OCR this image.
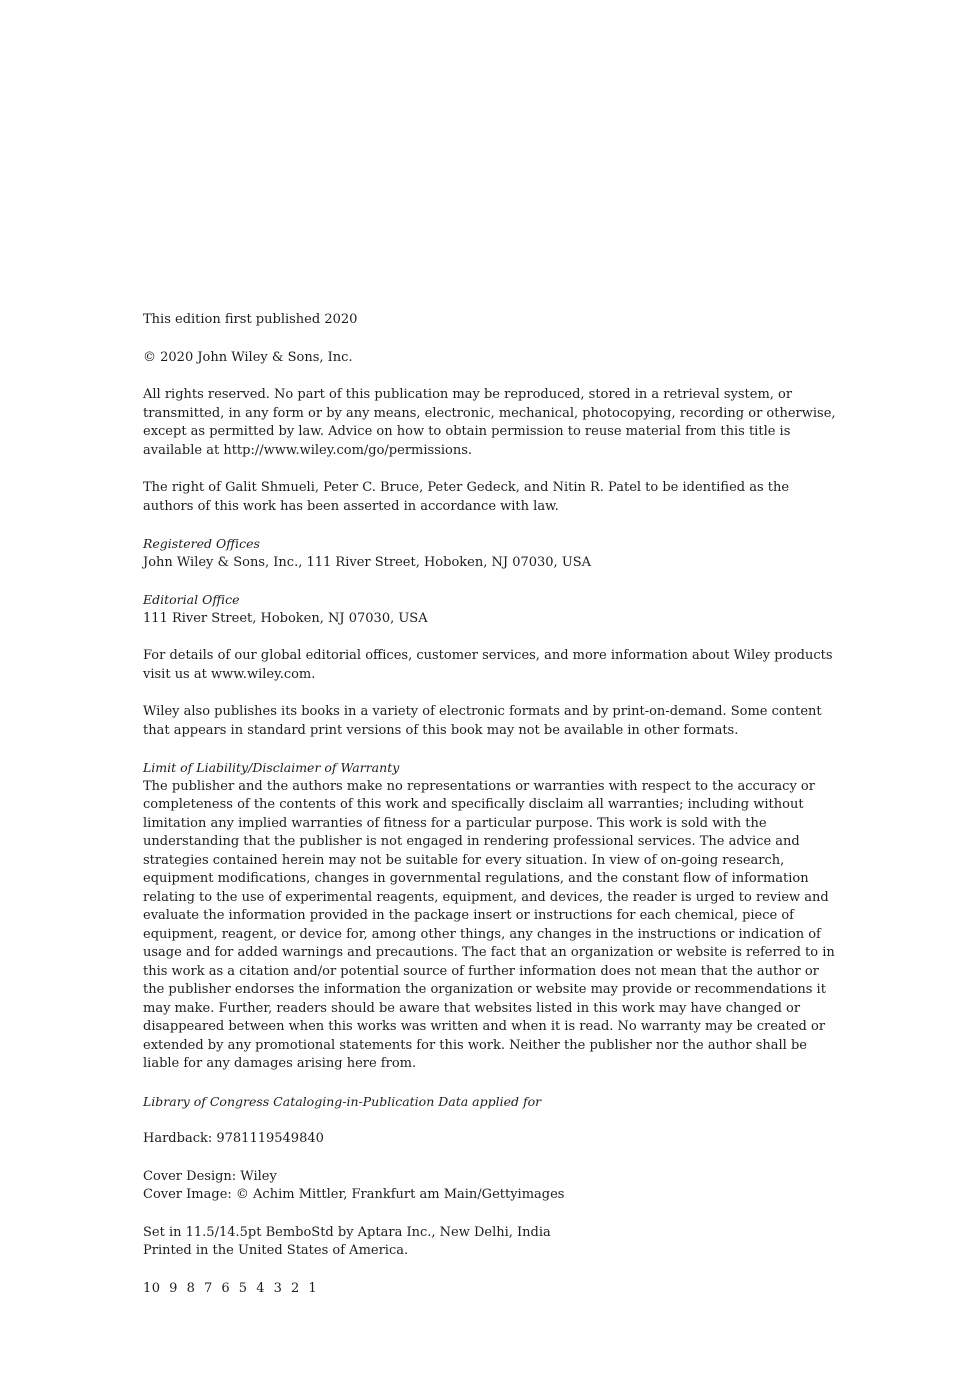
This edition first published 2020

© 2020 John Wiley & Sons, Inc.

All rights reserved. No part of this publication may be reproduced, stored in a retrieval system, or transmitted, in any form or by any means, electronic, mechanical, photocopying, recording or otherwise, except as permitted by law. Advice on how to obtain permission to reuse material from this title is available at http://www.wiley.com/go/permissions.

The right of Galit Shmueli, Peter C. Bruce, Peter Gedeck, and Nitin R. Patel to be identified as the authors of this work has been asserted in accordance with law.

Registered Offices

John Wiley & Sons, Inc., 111 River Street, Hoboken, NJ 07030, USA

Editorial Office

111 River Street, Hoboken, NJ 07030, USA

For details of our global editorial offices, customer services, and more information about Wiley products visit us at www.wiley.com.

Wiley also publishes its books in a variety of electronic formats and by print-on-demand. Some content that appears in standard print versions of this book may not be available in other formats.

Limit of Liability/Disclaimer of Warranty

The publisher and the authors make no representations or warranties with respect to the accuracy or completeness of the contents of this work and specifically disclaim all warranties; including without limitation any implied warranties of fitness for a particular purpose. This work is sold with the understanding that the publisher is not engaged in rendering professional services. The advice and strategies contained herein may not be suitable for every situation. In view of on-going research, equipment modifications, changes in governmental regulations, and the constant flow of information relating to the use of experimental reagents, equipment, and devices, the reader is urged to review and evaluate the information provided in the package insert or instructions for each chemical, piece of equipment, reagent, or device for, among other things, any changes in the instructions or indication of usage and for added warnings and precautions. The fact that an organization or website is referred to in this work as a citation and/or potential source of further information does not mean that the author or the publisher endorses the information the organization or website may provide or recommendations it may make. Further, readers should be aware that websites listed in this work may have changed or disappeared between when this works was written and when it is read. No warranty may be created or extended by any promotional statements for this work. Neither the publisher nor the author shall be liable for any damages arising here from.

Library of Congress Cataloging-in-Publication Data applied for

Hardback: 9781119549840

Cover Design: Wiley

Cover Image: © Achim Mittler, Frankfurt am Main/Gettyimages

Set in 11.5/14.5pt BemboStd by Aptara Inc., New Delhi, India

Printed in the United States of America.

10 9 8 7 6 5 4 3 2 1
